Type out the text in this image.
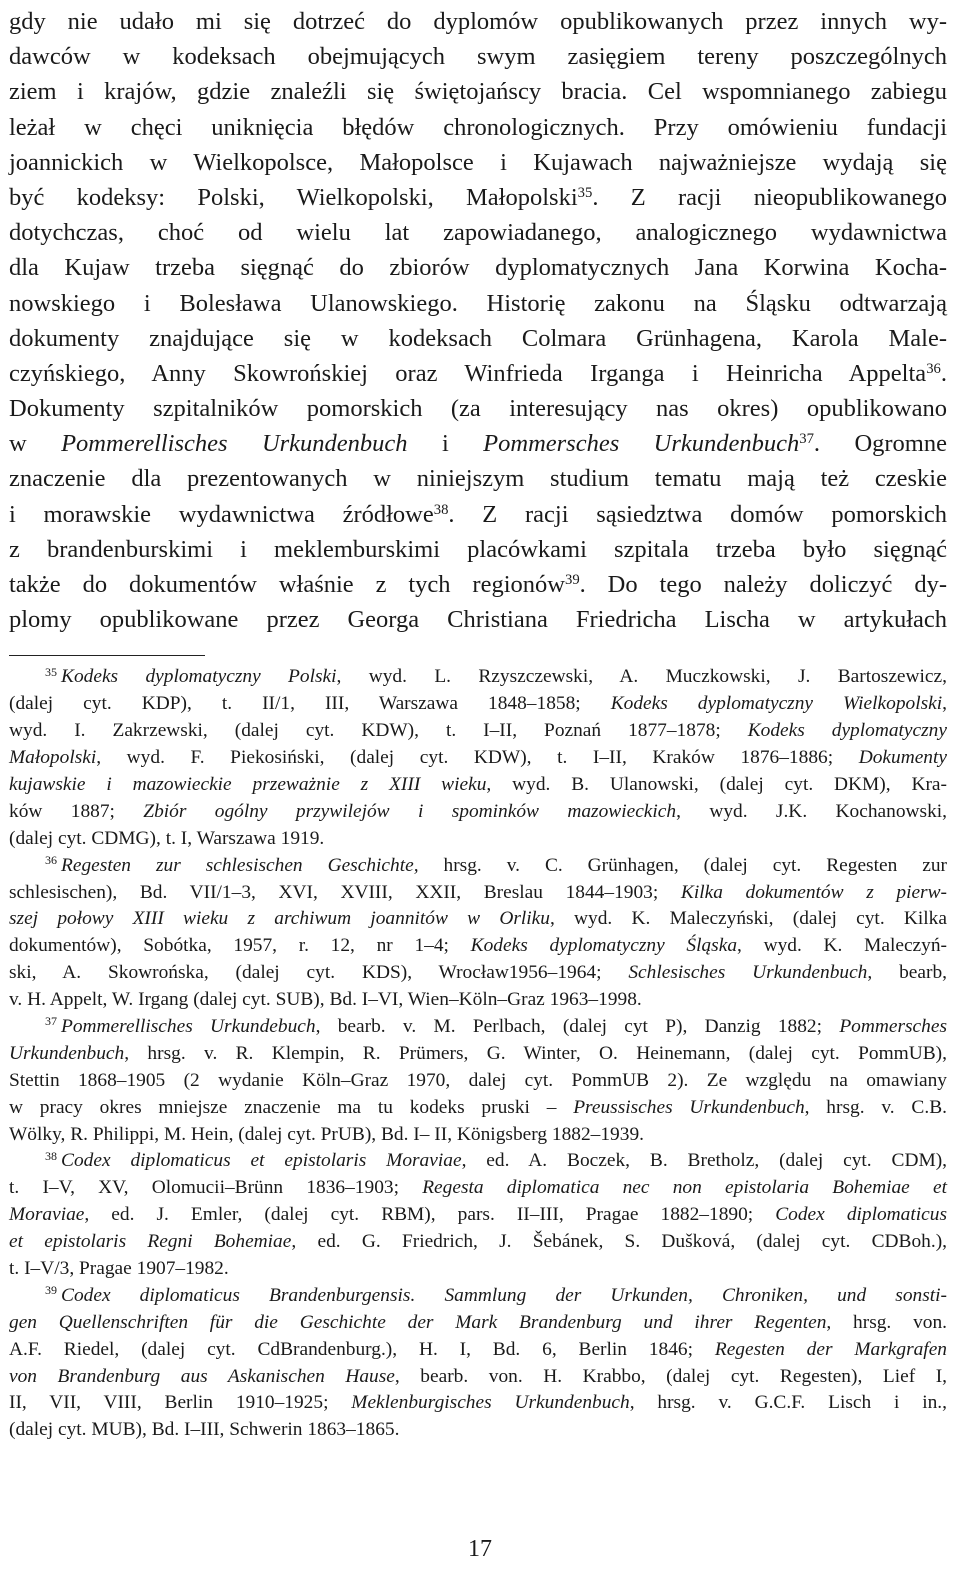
gdy nie udało mi się dotrzeć do dyplomów opublikowanych przez innych wy-
dawców w kodeksach obejmujących swym zasięgiem tereny poszczególnych
ziem i krajów, gdzie znaleźli się świętojańscy bracia. Cel wspomnianego zabiegu
leżał w chęci uniknięcia błędów chronologicznych. Przy omówieniu fundacji
joannickich w Wielkopolsce, Małopolsce i Kujawach najważniejsze wydają się
być kodeksy: Polski, Wielkopolski, Małopolski$^{35}$. Z racji nieopublikowanego
dotychczas, choć od wielu lat zapowiadanego, analogicznego wydawnictwa
dla Kujaw trzeba sięgnąć do zbiorów dyplomatycznych Jana Korwina Kocha-
nowskiego i Bolesława Ulanowskiego. Historię zakonu na Śląsku odtwarzają
dokumenty znajdujące się w kodeksach Colmara Grünhagena, Karola Male-
czyńskiego, Anny Skowrońskiej oraz Winfrieda Irganga i Heinricha Appelta$^{36}$.
Dokumenty szpitalników pomorskich (za interesujący nas okres) opublikowano
w Pommerellisches Urkundenbuch i Pommersches Urkundenbuch$^{37}$. Ogromne
znaczenie dla prezentowanych w niniejszym studium tematu mają też czeskie
i morawskie wydawnictwa źródłowe$^{38}$. Z racji sąsiedztwa domów pomorskich
z brandenburskimi i meklemburskimi placówkami szpitala trzeba było sięgnąć
także do dokumentów właśnie z tych regionów$^{39}$. Do tego należy doliczyć dy-
plomy opublikowane przez Georga Christiana Friedricha Lischa w artykułach
$^{35}$ Kodeks dyplomatyczny Polski, wyd. L. Rzyszczewski, A. Muczkowski, J. Bartoszewicz,
(dalej cyt. KDP), t. II/1, III, Warszawa 1848–1858; Kodeks dyplomatyczny Wielkopolski,
wyd. I. Zakrzewski, (dalej cyt. KDW), t. I–II, Poznań 1877–1878; Kodeks dyplomatyczny
Małopolski, wyd. F. Piekosiński, (dalej cyt. KDW), t. I–II, Kraków 1876–1886; Dokumenty
kujawskie i mazowieckie przeważnie z XIII wieku, wyd. B. Ulanowski, (dalej cyt. DKM), Kra-
ków 1887; Zbiór ogólny przywilejów i spominków mazowieckich, wyd. J.K. Kochanowski,
(dalej cyt. CDMG), t. I, Warszawa 1919.
$^{36}$ Regesten zur schlesischen Geschichte, hrsg. v. C. Grünhagen, (dalej cyt. Regesten zur
schlesischen), Bd. VII/1–3, XVI, XVIII, XXII, Breslau 1844–1903; Kilka dokumentów z pierw-
szej połowy XIII wieku z archiwum joannitów w Orliku, wyd. K. Maleczyński, (dalej cyt. Kilka
dokumentów), Sobótka, 1957, r. 12, nr 1–4; Kodeks dyplomatyczny Śląska, wyd. K. Maleczyń-
ski, A. Skowrońska, (dalej cyt. KDS), Wrocław1956–1964; Schlesisches Urkundenbuch, bearb,
v. H. Appelt, W. Irgang (dalej cyt. SUB), Bd. I–VI, Wien–Köln–Graz 1963–1998.
$^{37}$ Pommerellisches Urkundebuch, bearb. v. M. Perlbach, (dalej cyt P), Danzig 1882; Pommersches
Urkundenbuch, hrsg. v. R. Klempin, R. Prümers, G. Winter, O. Heinemann, (dalej cyt. PommUB),
Stettin 1868–1905 (2 wydanie Köln–Graz 1970, dalej cyt. PommUB 2). Ze względu na omawiany
w pracy okres mniejsze znaczenie ma tu kodeks pruski – Preussisches Urkundenbuch, hrsg. v. C.B.
Wölky, R. Philippi, M. Hein, (dalej cyt. PrUB), Bd. I– II, Königsberg 1882–1939.
$^{38}$ Codex diplomaticus et epistolaris Moraviae, ed. A. Boczek, B. Bretholz, (dalej cyt. CDM),
t. I–V, XV, Olomucii–Brünn 1836–1903; Regesta diplomatica nec non epistolaria Bohemiae et
Moraviae, ed. J. Emler, (dalej cyt. RBM), pars. II–III, Pragae 1882–1890; Codex diplomaticus
et epistolaris Regni Bohemiae, ed. G. Friedrich, J. Šebánek, S. Dušková, (dalej cyt. CDBoh.),
t. I–V/3, Pragae 1907–1982.
$^{39}$ Codex diplomaticus Brandenburgensis. Sammlung der Urkunden, Chroniken, und sonsti-
gen Quellenschriften für die Geschichte der Mark Brandenburg und ihrer Regenten, hrsg. von.
A.F. Riedel, (dalej cyt. CdBrandenburg.), H. I, Bd. 6, Berlin 1846; Regesten der Markgrafen
von Brandenburg aus Askanischen Hause, bearb. von. H. Krabbo, (dalej cyt. Regesten), Lief I,
II, VII, VIII, Berlin 1910–1925; Meklenburgisches Urkundenbuch, hrsg. v. G.C.F. Lisch i in.,
(dalej cyt. MUB), Bd. I–III, Schwerin 1863–1865.
17
